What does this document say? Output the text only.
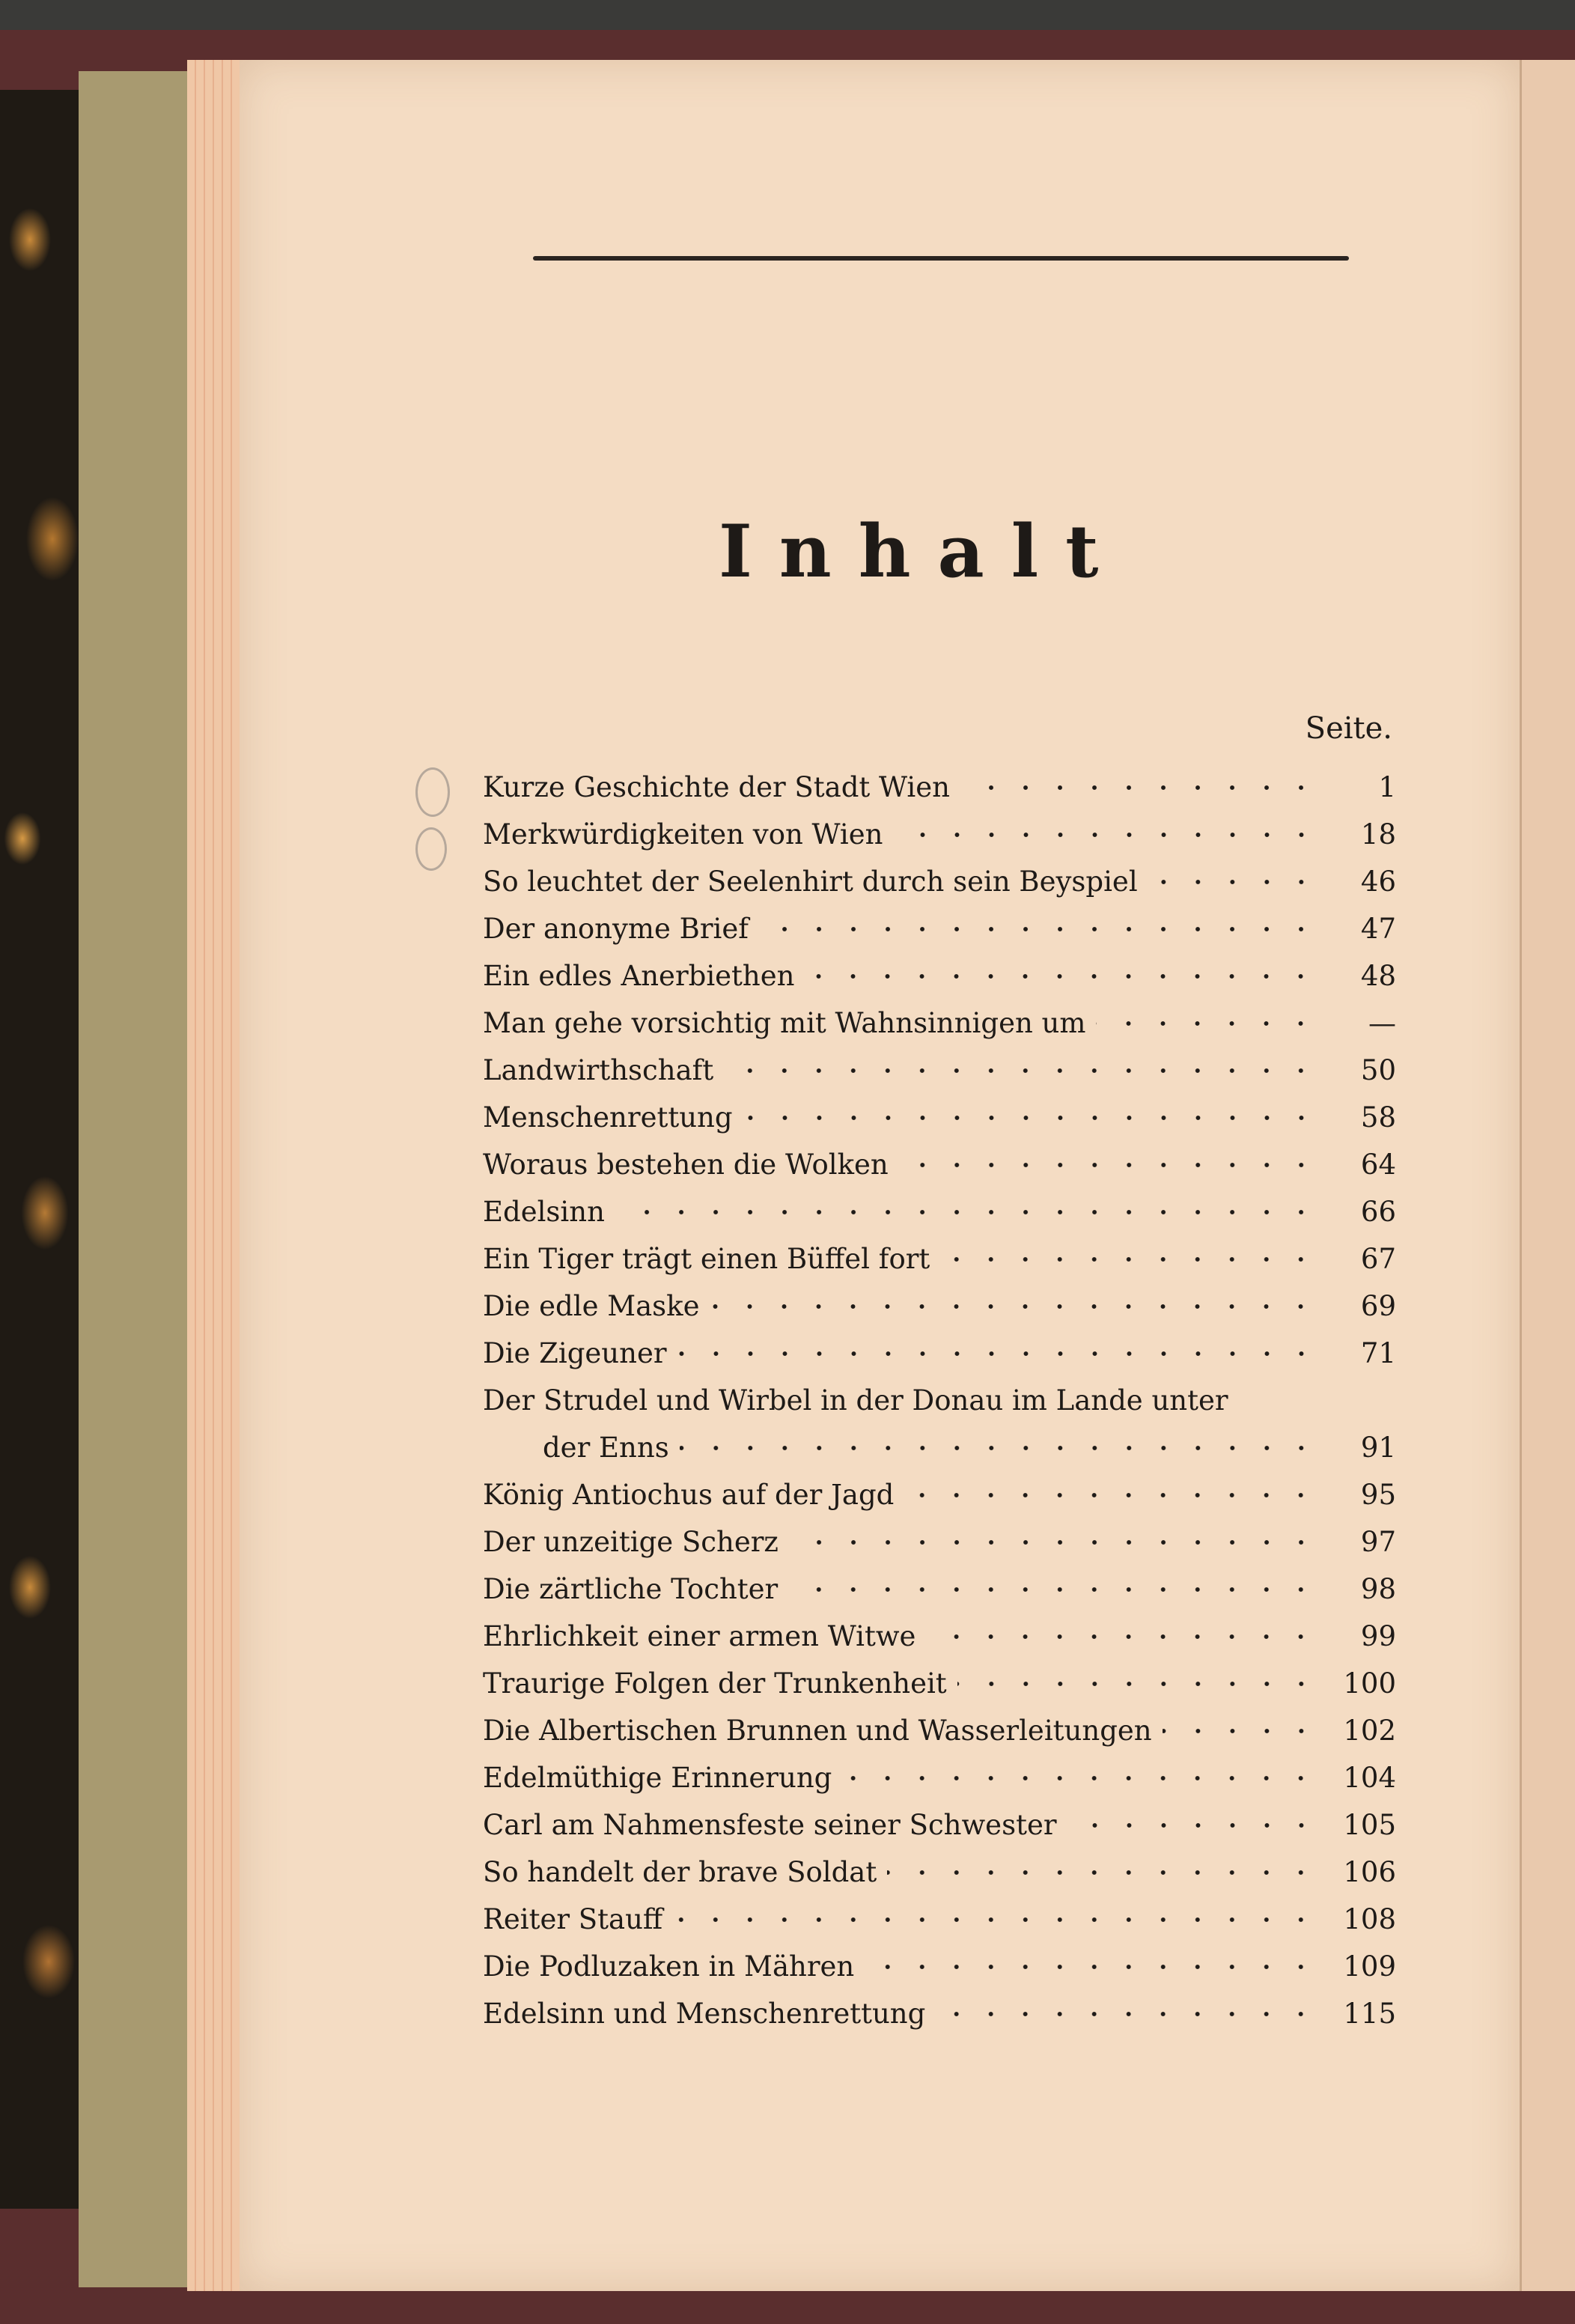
Inhalt
Seite.
Kurze Geschichte der Stadt Wien	1
Merkwürdigkeiten von Wien	18
So leuchtet der Seelenhirt durch sein Beyspiel	46
Der anonyme Brief	47
Ein edles Anerbiethen	48
Man gehe vorsichtig mit Wahnsinnigen um	—
Landwirthschaft	50
Menschenrettung	58
Woraus bestehen die Wolken	64
Edelsinn	66
Ein Tiger trägt einen Büffel fort	67
Die edle Maske	69
Die Zigeuner	71
Der Strudel und Wirbel in der Donau im Lande unter
der Enns	91
König Antiochus auf der Jagd	95
Der unzeitige Scherz	97
Die zärtliche Tochter	98
Ehrlichkeit einer armen Witwe	99
Traurige Folgen der Trunkenheit	100
Die Albertischen Brunnen und Wasserleitungen	102
Edelmüthige Erinnerung	104
Carl am Nahmensfeste seiner Schwester	105
So handelt der brave Soldat	106
Reiter Stauff	108
Die Podluzaken in Mähren	109
Edelsinn und Menschenrettung	115
